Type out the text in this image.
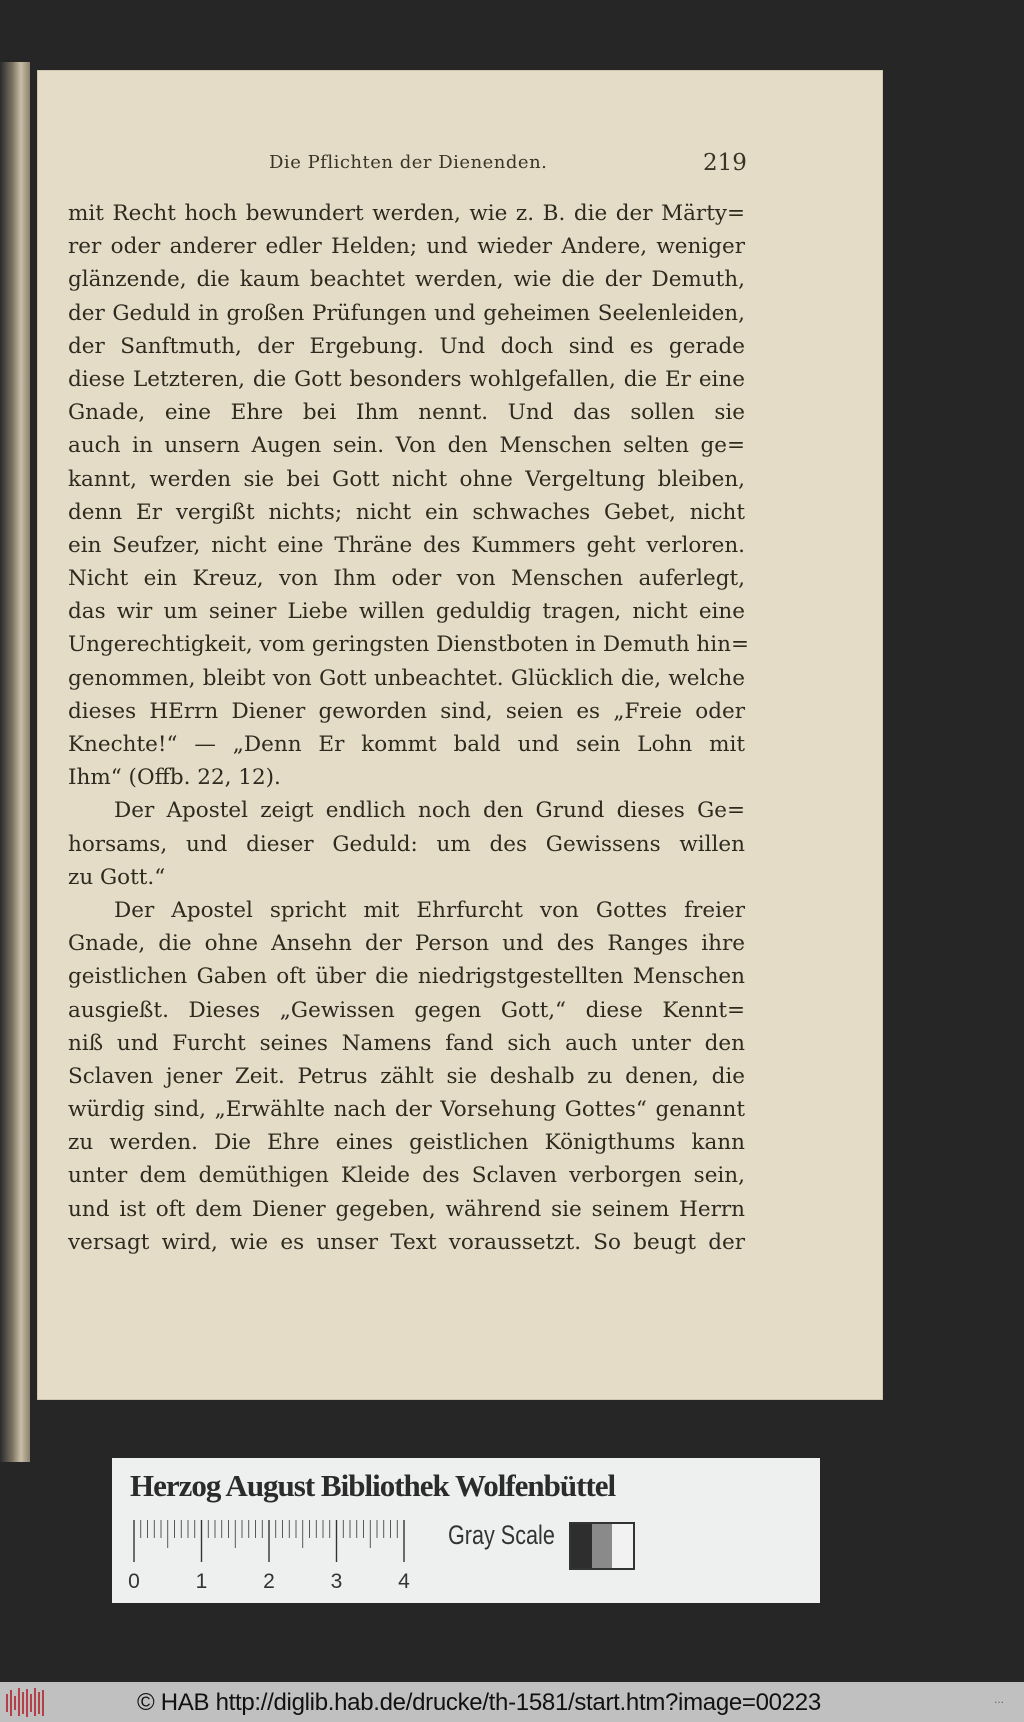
Die Pflichten der Dienenden.	219
mit Recht hoch bewundert werden, wie z. B. die der Märty=
rer oder anderer edler Helden; und wieder Andere, weniger
glänzende, die kaum beachtet werden, wie die der Demuth,
der Geduld in großen Prüfungen und geheimen Seelenleiden,
der Sanftmuth, der Ergebung. Und doch sind es gerade
diese Letzteren, die Gott besonders wohlgefallen, die Er eine
Gnade, eine Ehre bei Ihm nennt. Und das sollen sie
auch in unsern Augen sein. Von den Menschen selten ge=
kannt, werden sie bei Gott nicht ohne Vergeltung bleiben,
denn Er vergißt nichts; nicht ein schwaches Gebet, nicht
ein Seufzer, nicht eine Thräne des Kummers geht verloren.
Nicht ein Kreuz, von Ihm oder von Menschen auferlegt,
das wir um seiner Liebe willen geduldig tragen, nicht eine
Ungerechtigkeit, vom geringsten Dienstboten in Demuth hin=
genommen, bleibt von Gott unbeachtet. Glücklich die, welche
dieses HErrn Diener geworden sind, seien es „Freie oder
Knechte!“ — „Denn Er kommt bald und sein Lohn mit
Ihm“ (Offb. 22, 12).
Der Apostel zeigt endlich noch den Grund dieses Ge=
horsams, und dieser Geduld: um des Gewissens willen
zu Gott.“
Der Apostel spricht mit Ehrfurcht von Gottes freier
Gnade, die ohne Ansehn der Person und des Ranges ihre
geistlichen Gaben oft über die niedrigstgestellten Menschen
ausgießt. Dieses „Gewissen gegen Gott,“ diese Kennt=
niß und Furcht seines Namens fand sich auch unter den
Sclaven jener Zeit. Petrus zählt sie deshalb zu denen, die
würdig sind, „Erwählte nach der Vorsehung Gottes“ genannt
zu werden. Die Ehre eines geistlichen Königthums kann
unter dem demüthigen Kleide des Sclaven verborgen sein,
und ist oft dem Diener gegeben, während sie seinem Herrn
versagt wird, wie es unser Text voraussetzt. So beugt der
Herzog August Bibliothek Wolfenbüttel
0	1	2	3	4
Gray Scale
© HAB http://diglib.hab.de/drucke/th-1581/start.htm?image=00223	...
